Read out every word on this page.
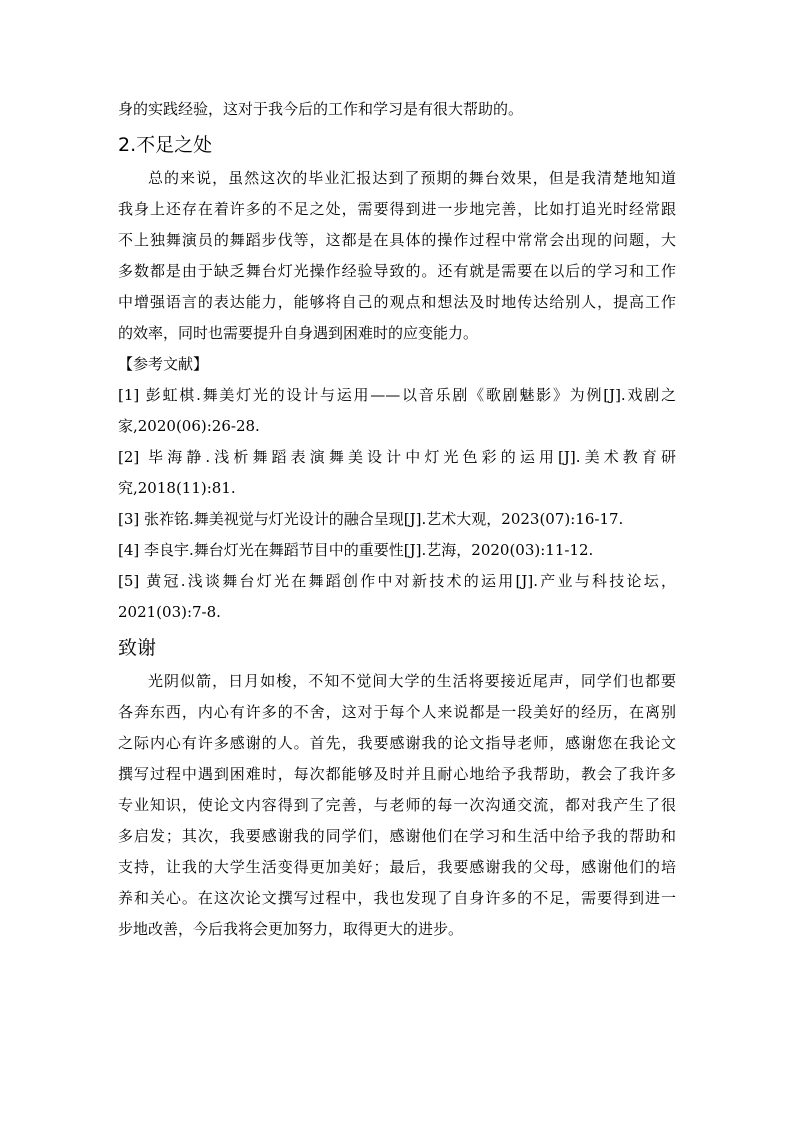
身的实践经验，这对于我今后的工作和学习是有很大帮助的。
2.不足之处
总的来说，虽然这次的毕业汇报达到了预期的舞台效果，但是我清楚地知道
我身上还存在着许多的不足之处，需要得到进一步地完善，比如打追光时经常跟
不上独舞演员的舞蹈步伐等，这都是在具体的操作过程中常常会出现的问题，大
多数都是由于缺乏舞台灯光操作经验导致的。还有就是需要在以后的学习和工作
中增强语言的表达能力，能够将自己的观点和想法及时地传达给别人，提高工作
的效率，同时也需要提升自身遇到困难时的应变能力。
【参考文献】
[1] 彭虹棋.舞美灯光的设计与运用——以音乐剧《歌剧魅影》为例[J].戏剧之
家,2020(06):26-28.
[2] 毕海静.浅析舞蹈表演舞美设计中灯光色彩的运用[J].美术教育研
究,2018(11):81.
[3] 张祚铭.舞美视觉与灯光设计的融合呈现[J].艺术大观，2023(07):16-17.
[4] 李良宇.舞台灯光在舞蹈节目中的重要性[J].艺海，2020(03):11-12.
[5] 黄冠.浅谈舞台灯光在舞蹈创作中对新技术的运用[J].产业与科技论坛，
2021(03):7-8.
致谢
光阴似箭，日月如梭，不知不觉间大学的生活将要接近尾声，同学们也都要
各奔东西，内心有许多的不舍，这对于每个人来说都是一段美好的经历，在离别
之际内心有许多感谢的人。首先，我要感谢我的论文指导老师，感谢您在我论文
撰写过程中遇到困难时，每次都能够及时并且耐心地给予我帮助，教会了我许多
专业知识，使论文内容得到了完善，与老师的每一次沟通交流，都对我产生了很
多启发；其次，我要感谢我的同学们，感谢他们在学习和生活中给予我的帮助和
支持，让我的大学生活变得更加美好；最后，我要感谢我的父母，感谢他们的培
养和关心。在这次论文撰写过程中，我也发现了自身许多的不足，需要得到进一
步地改善，今后我将会更加努力，取得更大的进步。
